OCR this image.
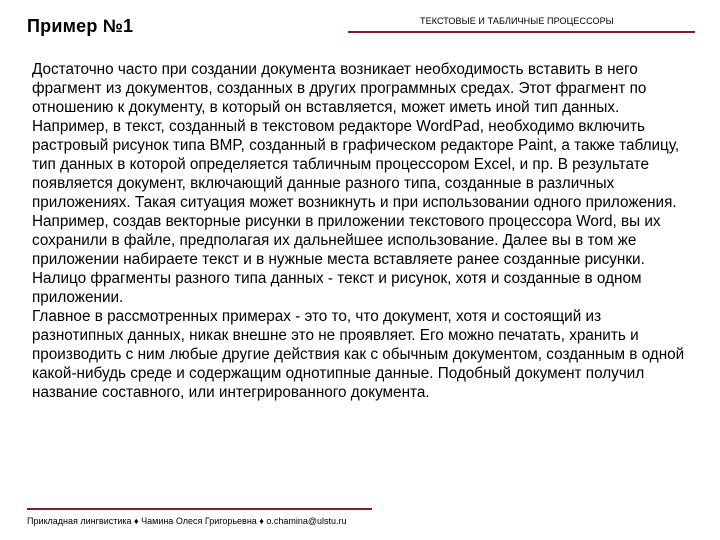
Пример №1	ТЕКСТОВЫЕ И ТАБЛИЧНЫЕ ПРОЦЕССОРЫ
Достаточно часто при создании документа возникает необходимость вставить в него фрагмент из документов, созданных в других программных средах. Этот фрагмент по отношению к документу, в который он вставляется, может иметь иной тип данных. Например, в текст, созданный в текстовом редакторе WordPad, необходимо включить растровый рисунок типа BMP, созданный в графическом редакторе Paint, а также таблицу, тип данных в которой определяется табличным процессором Excel, и пр. В результате появляется документ, включающий данные разного типа, созданные в различных приложениях. Такая ситуация может возникнуть и при использовании одного приложения. Например, создав векторные рисунки в приложении текстового процессора Word, вы их сохранили в файле, предполагая их дальнейшее использование. Далее вы в том же приложении набираете текст и в нужные места вставляете ранее созданные рисунки. Налицо фрагменты разного типа данных - текст и рисунок, хотя и созданные в одном приложении.
Главное в рассмотренных примерах - это то, что документ, хотя и состоящий из разнотипных данных, никак внешне это не проявляет. Его можно печатать, хранить и производить с ним любые другие действия как с обычным документом, созданным в одной какой-нибудь среде и содержащим однотипные данные. Подобный документ получил название составного, или интегрированного документа.
Прикладная лингвистика ♦ Чамина Олеся Григорьевна ♦ o.chamina@ulstu.ru
